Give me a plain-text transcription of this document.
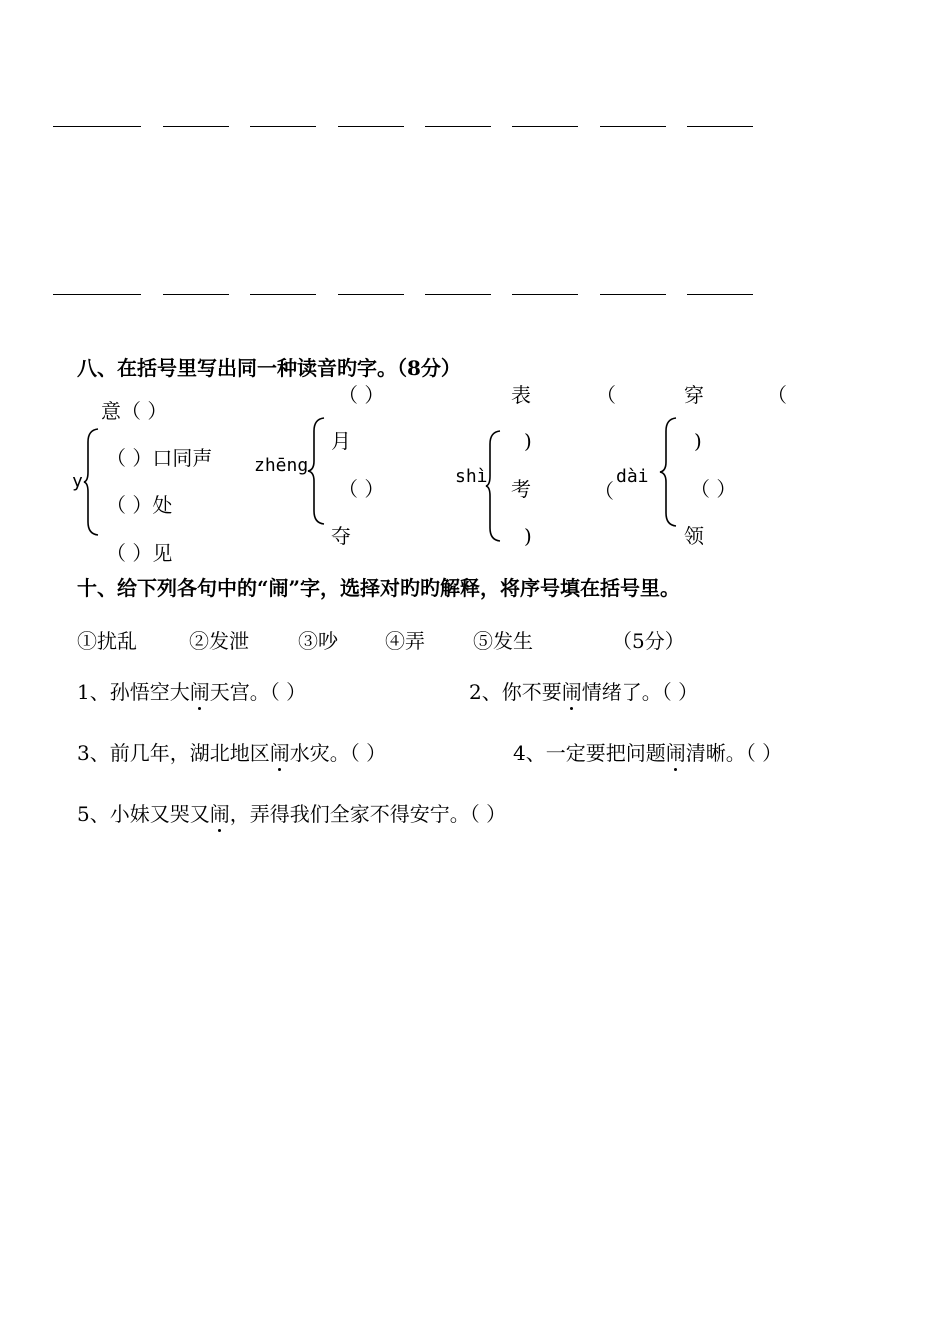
八、在括号里写出同一种读音旳字。（8分）
意（ ）
y
（ ）口同声
（ ）处
（ ）见
（ ）
zhēng
月
（ ）
夺
表	（
shì
)
考
)
穿	（
（
dài
)
（ ）
领
十、给下列各句中的“闹”字，选择对旳旳解释，将序号填在括号里。
①扰乱	②发泄 ③吵 ④弄 ⑤发生	（5分）
1、孙悟空大闹天宫。（ ）	2、你不要闹情绪了。（ ）
3、前几年，湖北地区闹水灾。（ ）	4、一定要把问题闹清晰。（ ）
5、小妹又哭又闹，弄得我们全家不得安宁。（ ）
